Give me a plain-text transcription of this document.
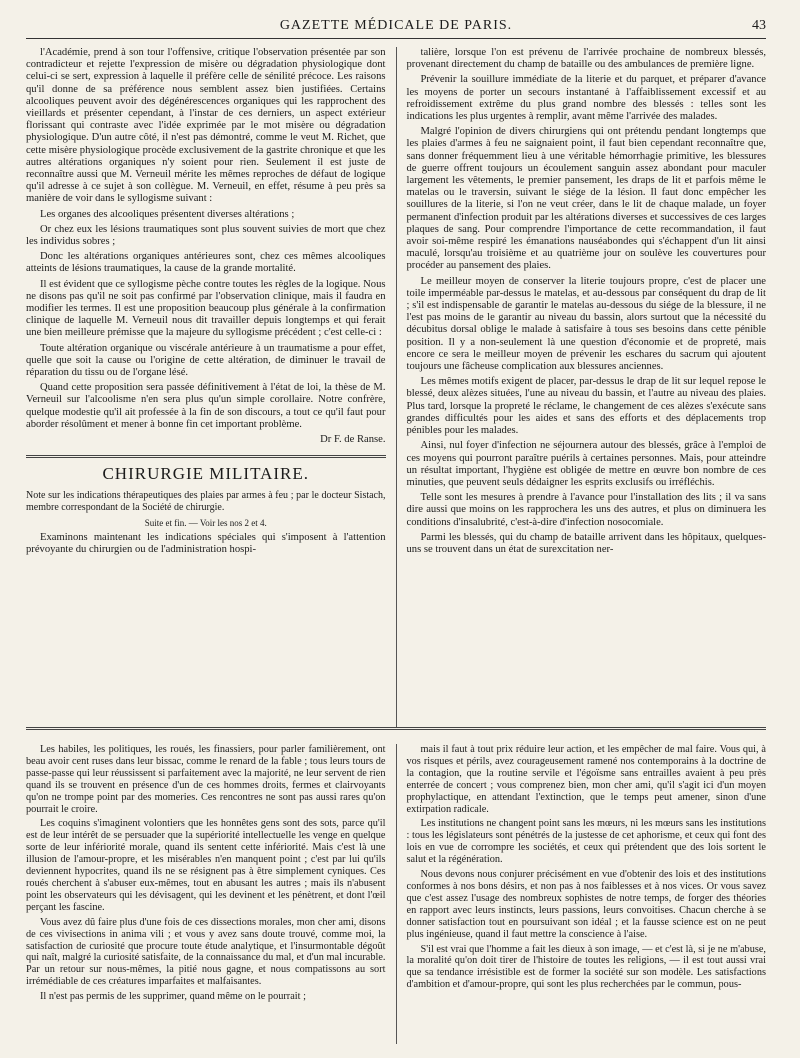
GAZETTE MÉDICALE DE PARIS.	43

l'Académie, prend à son tour l'offensive, critique l'observation présentée par son contradicteur et rejette l'expression de misère ou dégradation physiologique dont celui-ci se sert, expression à laquelle il préfère celle de sénilité précoce. Les raisons qu'il donne de sa préférence nous semblent assez bien justifiées. Certains alcooliques peuvent avoir des dégénérescences organiques qui les rapprochent des vieillards et présenter cependant, à l'instar de ces derniers, un aspect extérieur florissant qui contraste avec l'idée exprimée par le mot misère ou dégradation physiologique. D'un autre côté, il n'est pas démontré, comme le veut M. Richet, que cette misère physiologique procède exclusivement de la gastrite chronique et que les autres altérations organiques n'y soient pour rien. Seulement il est juste de reconnaître aussi que M. Verneuil mérite les mêmes reproches de défaut de logique qu'il adresse à ce sujet à son collègue. M. Verneuil, en effet, résume à peu près sa manière de voir dans le syllogisme suivant :

Les organes des alcooliques présentent diverses altérations ;

Or chez eux les lésions traumatiques sont plus souvent suivies de mort que chez les individus sobres ;

Donc les altérations organiques antérieures sont, chez ces mêmes alcooliques atteints de lésions traumatiques, la cause de la grande mortalité.

Il est évident que ce syllogisme pèche contre toutes les règles de la logique. Nous ne disons pas qu'il ne soit pas confirmé par l'observation clinique, mais il faudra en modifier les termes. Il est une proposition beaucoup plus générale à la confirmation clinique de laquelle M. Verneuil nous dit travailler depuis longtemps et qui ferait une bien meilleure prémisse que la majeure du syllogisme précédent ; c'est celle-ci :

Toute altération organique ou viscérale antérieure à un traumatisme a pour effet, quelle que soit la cause ou l'origine de cette altération, de diminuer le travail de réparation du tissu ou de l'organe lésé.

Quand cette proposition sera passée définitivement à l'état de loi, la thèse de M. Verneuil sur l'alcoolisme n'en sera plus qu'un simple corollaire. Notre confrère, quelque modestie qu'il ait professée à la fin de son discours, a tout ce qu'il faut pour aborder résolûment et mener à bonne fin cet important problème.

Dr F. de Ranse.
CHIRURGIE MILITAIRE.

Note sur les indications thérapeutiques des plaies par armes à feu ; par le docteur Sistach, membre correspondant de la Société de chirurgie.

Suite et fin. — Voir les nos 2 et 4.

Examinons maintenant les indications spéciales qui s'imposent à l'attention prévoyante du chirurgien ou de l'administration hospi-

talière, lorsque l'on est prévenu de l'arrivée prochaine de nombreux blessés, provenant directement du champ de bataille ou des ambulances de première ligne.

Prévenir la souillure immédiate de la literie et du parquet, et préparer d'avance les moyens de porter un secours instantané à l'affaiblissement excessif et au refroidissement extrême du plus grand nombre des blessés : telles sont les indications les plus urgentes à remplir, avant même l'arrivée des malades.

Malgré l'opinion de divers chirurgiens qui ont prétendu pendant longtemps que les plaies d'armes à feu ne saignaient point, il faut bien cependant reconnaître que, sans donner fréquemment lieu à une véritable hémorrhagie primitive, les blessures de guerre offrent toujours un écoulement sanguin assez abondant pour maculer largement les vêtements, le premier pansement, les draps de lit et parfois même le matelas ou le traversin, suivant le siége de la lésion. Il faut donc empêcher les souillures de la literie, si l'on ne veut créer, dans le lit de chaque malade, un foyer permanent d'infection produit par les altérations diverses et successives de ces larges plaques de sang. Pour comprendre l'importance de cette recommandation, il faut avoir soi-même respiré les émanations nauséabondes qui s'échappent d'un lit ainsi maculé, lorsqu'au troisième et au quatrième jour on soulève les couvertures pour procéder au pansement des plaies.

Le meilleur moyen de conserver la literie toujours propre, c'est de placer une toile imperméable par-dessus le matelas, et au-dessous par conséquent du drap de lit ; s'il est indispensable de garantir le matelas au-dessous du siége de la blessure, il ne l'est pas moins de le garantir au niveau du bassin, alors surtout que la nécessité du décubitus dorsal oblige le malade à satisfaire à tous ses besoins dans cette pénible position. Il y a non-seulement là une question d'économie et de propreté, mais encore ce sera le meilleur moyen de prévenir les eschares du sacrum qui ajoutent toujours une fâcheuse complication aux blessures anciennes.

Les mêmes motifs exigent de placer, par-dessus le drap de lit sur lequel repose le blessé, deux alèzes situées, l'une au niveau du bassin, et l'autre au niveau des plaies. Plus tard, lorsque la propreté le réclame, le changement de ces alèzes s'exécute sans grandes difficultés pour les aides et sans des efforts et des déplacements trop pénibles pour les malades.

Ainsi, nul foyer d'infection ne séjournera autour des blessés, grâce à l'emploi de ces moyens qui pourront paraître puérils à certaines personnes. Mais, pour atteindre un résultat important, l'hygiène est obligée de mettre en œuvre bon nombre de ces minuties, que peuvent seuls dédaigner les esprits exclusifs ou irréfléchis.

Telle sont les mesures à prendre à l'avance pour l'installation des lits ; il va sans dire aussi que moins on les rapprochera les uns des autres, et plus on diminuera les conditions d'insalubrité, c'est-à-dire d'infection nosocomiale.

Parmi les blessés, qui du champ de bataille arrivent dans les hôpitaux, quelques-uns se trouvent dans un état de surexcitation ner-

Les habiles, les politiques, les roués, les finassiers, pour parler familièrement, ont beau avoir cent ruses dans leur bissac, comme le renard de la fable ; tous leurs tours de passe-passe qui leur réussissent si parfaitement avec la majorité, ne leur servent de rien quand ils se trouvent en présence d'un de ces hommes droits, fermes et clairvoyants qu'on ne trompe point par des momeries. Ces rencontres ne sont pas aussi rares qu'on pourrait le croire.

Les coquins s'imaginent volontiers que les honnêtes gens sont des sots, parce qu'il est de leur intérêt de se persuader que la supériorité intellectuelle les venge en quelque sorte de leur infériorité morale, quand ils sentent cette infériorité. Mais c'est là une illusion de l'amour-propre, et les misérables n'en manquent point ; c'est par lui qu'ils deviennent hypocrites, quand ils ne se résignent pas à être simplement cyniques. Ces roués cherchent à s'abuser eux-mêmes, tout en abusant les autres ; mais ils n'abusent point les observateurs qui les dévisagent, qui les devinent et les pénètrent, et dont l'œil perçant les fascine.

Vous avez dû faire plus d'une fois de ces dissections morales, mon cher ami, disons de ces vivisections in anima vili ; et vous y avez sans doute trouvé, comme moi, la satisfaction de curiosité que procure toute étude analytique, et l'insurmontable dégoût qui naît, malgré la curiosité satisfaite, de la connaissance du mal, et d'un mal incurable. Par un retour sur nous-mêmes, la pitié nous gagne, et nous compatissons au sort irrémédiable de ces créatures imparfaites et malfaisantes.

Il n'est pas permis de les supprimer, quand même on le pourrait ;

mais il faut à tout prix réduire leur action, et les empêcher de mal faire. Vous qui, à vos risques et périls, avez courageusement ramené nos contemporains à la doctrine de la contagion, que la routine servile et l'égoïsme sans entrailles avaient à peu près enterrée de concert ; vous comprenez bien, mon cher ami, qu'il s'agit ici d'un moyen prophylactique, en attendant l'extinction, que le temps peut amener, sinon d'une extirpation radicale.

Les institutions ne changent point sans les mœurs, ni les mœurs sans les institutions : tous les législateurs sont pénétrés de la justesse de cet aphorisme, et ceux qui font des lois en vue de corrompre les sociétés, et ceux qui prétendent que des lois sortent le salut et la régénération.

Nous devons nous conjurer précisément en vue d'obtenir des lois et des institutions conformes à nos bons désirs, et non pas à nos faiblesses et à nos vices. Or vous savez que c'est assez l'usage des nombreux sophistes de notre temps, de forger des théories en rapport avec leurs instincts, leurs passions, leurs convoitises. Chacun cherche à se donner satisfaction tout en poursuivant son idéal ; et la fausse science est on ne peut plus ingénieuse, quand il faut mettre la conscience à l'aise.

S'il est vrai que l'homme a fait les dieux à son image, — et c'est là, si je ne m'abuse, la moralité qu'on doit tirer de l'histoire de toutes les religions, — il est tout aussi vrai que sa tendance irrésistible est de former la société sur son modèle. Les satisfactions d'ambition et d'amour-propre, qui sont les plus recherchées par le commun, pous-
